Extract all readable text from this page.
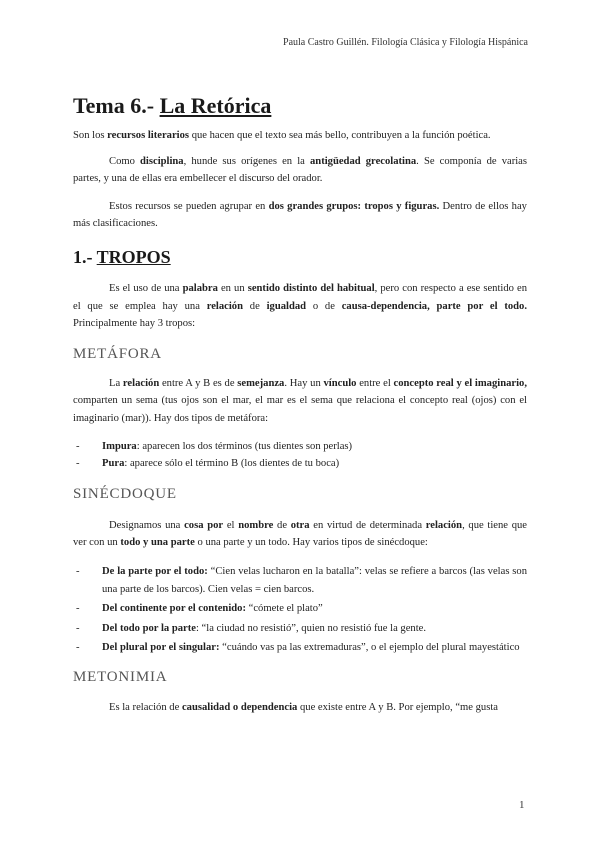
Paula Castro Guillén. Filología Clásica y Filología Hispánica
Tema 6.- La Retórica

Son los recursos literarios que hacen que el texto sea más bello, contribuyen a la función poética.

Como disciplina, hunde sus orígenes en la antigüedad grecolatina. Se componía de varias partes, y una de ellas era embellecer el discurso del orador.

Estos recursos se pueden agrupar en dos grandes grupos: tropos y figuras. Dentro de ellos hay más clasificaciones.

1.- TROPOS

Es el uso de una palabra en un sentido distinto del habitual, pero con respecto a ese sentido en el que se emplea hay una relación de igualdad o de causa-dependencia, parte por el todo. Principalmente hay 3 tropos:

METÁFORA

La relación entre A y B es de semejanza. Hay un vínculo entre el concepto real y el imaginario, comparten un sema (tus ojos son el mar, el mar es el sema que relaciona el concepto real (ojos) con el imaginario (mar)). Hay dos tipos de metáfora:

- Impura: aparecen los dos términos (tus dientes son perlas)
- Pura: aparece sólo el término B (los dientes de tu boca)
SINÉCDOQUE

Designamos una cosa por el nombre de otra en virtud de determinada relación, que tiene que ver con un todo y una parte o una parte y un todo. Hay varios tipos de sinécdoque:

- De la parte por el todo: “Cien velas lucharon en la batalla”: velas se refiere a barcos (las velas son una parte de los barcos). Cien velas = cien barcos.
- Del continente por el contenido: “cómete el plato”
- Del todo por la parte: “la ciudad no resistió”, quien no resistió fue la gente.
- Del plural por el singular: “cuándo vas pa las extremaduras”, o el ejemplo del plural mayestático
METONIMIA

Es la relación de causalidad o dependencia que existe entre A y B. Por ejemplo, “me gusta

1
